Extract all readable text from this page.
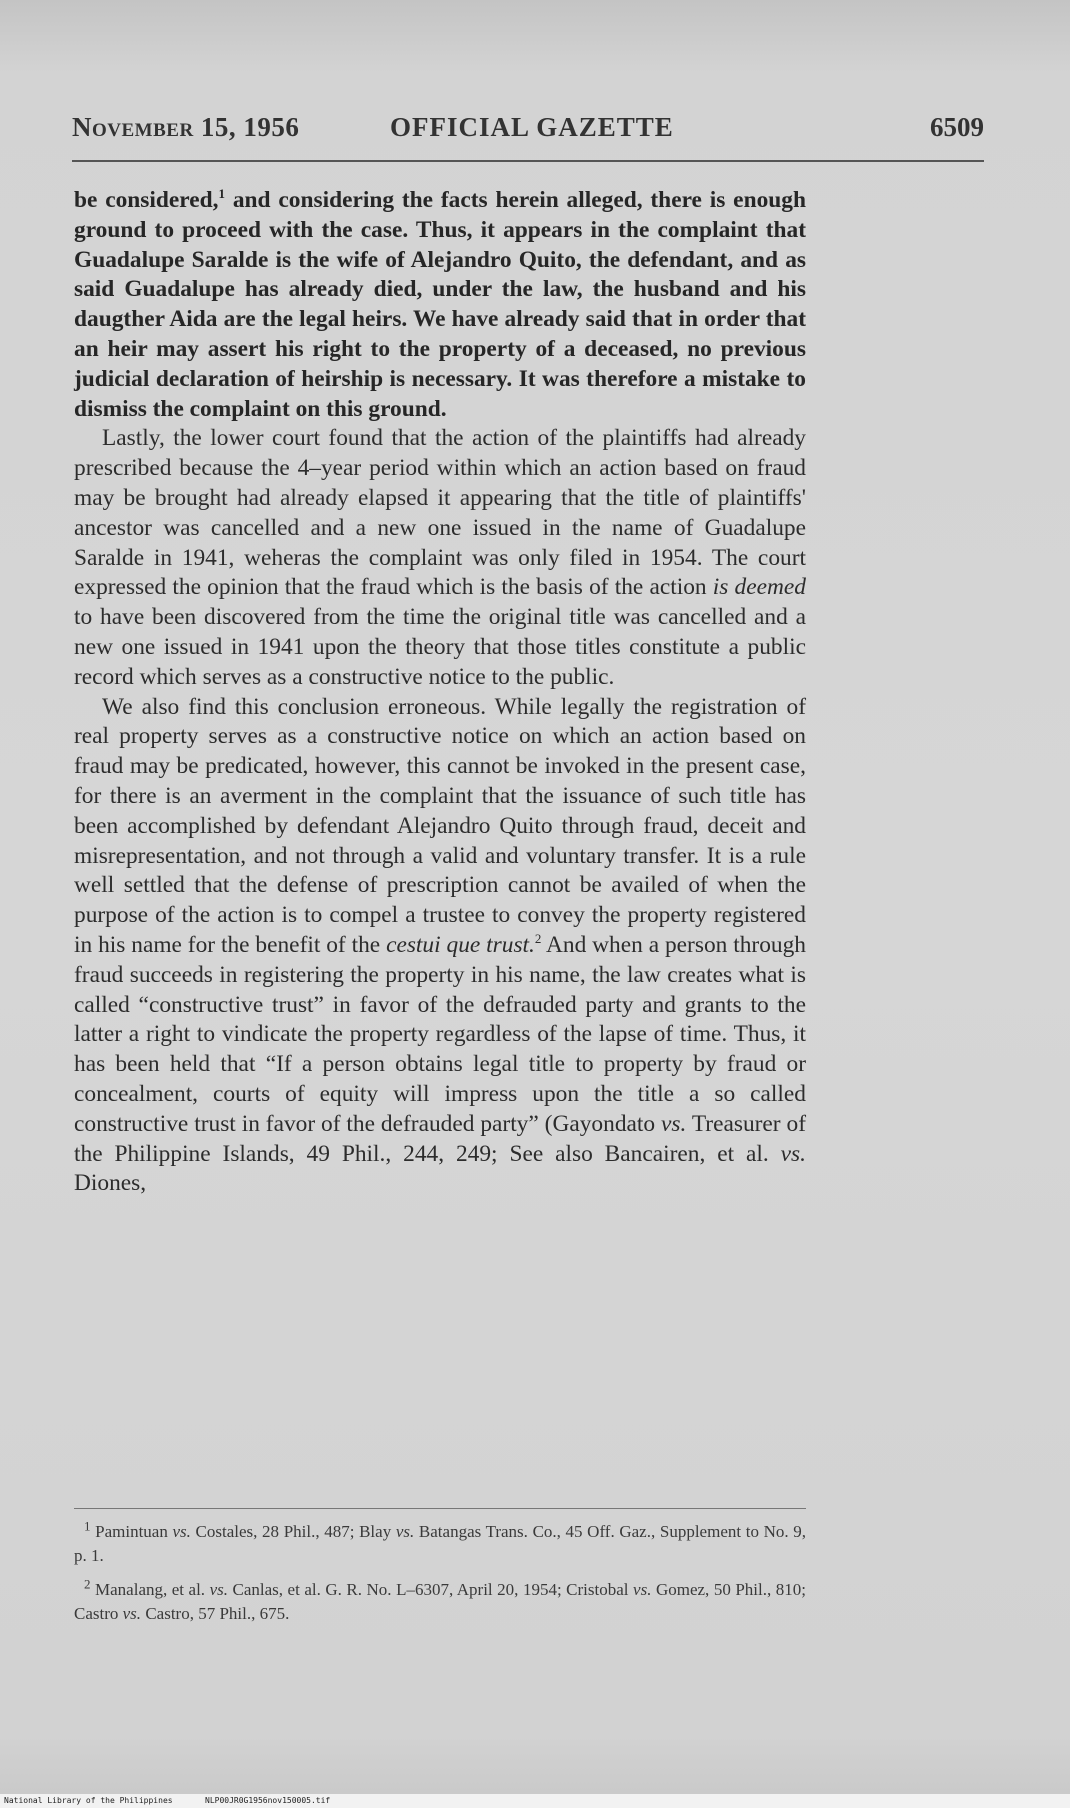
November 15, 1956	OFFICIAL GAZETTE	6509

be considered,$^1$ and considering the facts herein alleged, there is enough ground to proceed with the case. Thus, it appears in the complaint that Guadalupe Saralde is the wife of Alejandro Quito, the defendant, and as said Guadalupe has already died, under the law, the husband and his daugther Aida are the legal heirs. We have already said that in order that an heir may assert his right to the property of a deceased, no previous judicial declaration of heirship is necessary. It was therefore a mistake to dismiss the complaint on this ground.

Lastly, the lower court found that the action of the plaintiffs had already prescribed because the 4–year period within which an action based on fraud may be brought had already elapsed it appearing that the title of plaintiffs' ancestor was cancelled and a new one issued in the name of Guadalupe Saralde in 1941, weheras the complaint was only filed in 1954. The court expressed the opinion that the fraud which is the basis of the action is deemed to have been discovered from the time the original title was cancelled and a new one issued in 1941 upon the theory that those titles constitute a public record which serves as a constructive notice to the public.

We also find this conclusion erroneous. While legally the registration of real property serves as a constructive notice on which an action based on fraud may be predicated, however, this cannot be invoked in the present case, for there is an averment in the complaint that the issuance of such title has been accomplished by defendant Alejandro Quito through fraud, deceit and misrepresentation, and not through a valid and voluntary transfer. It is a rule well settled that the defense of prescription cannot be availed of when the purpose of the action is to compel a trustee to convey the property registered in his name for the benefit of the cestui que trust.$^2$ And when a person through fraud succeeds in registering the property in his name, the law creates what is called “constructive trust” in favor of the defrauded party and grants to the latter a right to vindicate the property regardless of the lapse of time. Thus, it has been held that “If a person obtains legal title to property by fraud or concealment, courts of equity will impress upon the title a so called constructive trust in favor of the defrauded party” (Gayondato vs. Treasurer of the Philippine Islands, 49 Phil., 244, 249; See also Bancairen, et al. vs. Diones,

$^1$ Pamintuan vs. Costales, 28 Phil., 487; Blay vs. Batangas Trans. Co., 45 Off. Gaz., Supplement to No. 9, p. 1.

$^2$ Manalang, et al. vs. Canlas, et al. G. R. No. L–6307, April 20, 1954; Cristobal vs. Gomez, 50 Phil., 810; Castro vs. Castro, 57 Phil., 675.

National Library of the Philippines	NLP00JR0G1956nov150005.tif
